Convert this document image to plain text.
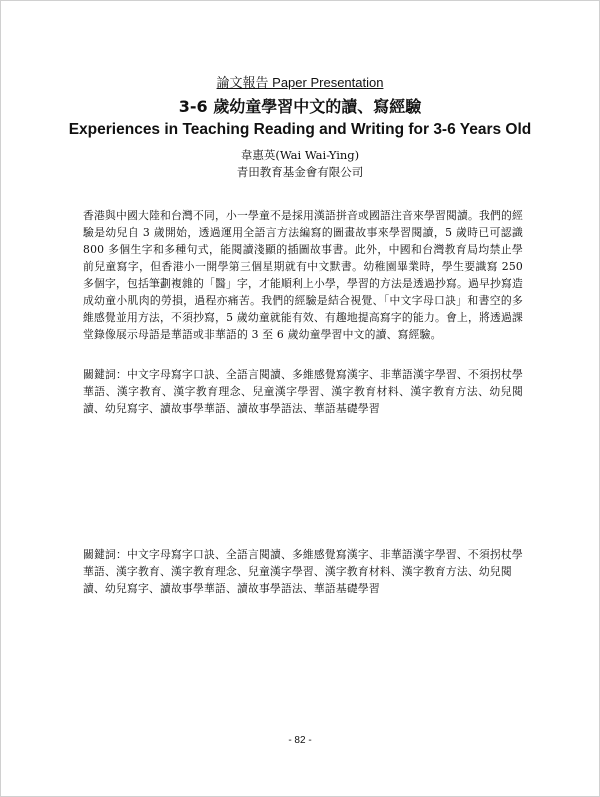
論文報告 Paper Presentation
3-6 歲幼童學習中文的讀、寫經驗
Experiences in Teaching Reading and Writing for 3-6 Years Old
韋惠英(Wai Wai-Ying)
青田教育基金會有限公司

香港與中國大陸和台灣不同，小一學童不是採用漢語拼音或國語注音來學習閱讀。我們的經驗是幼兒自 3 歲開始，透過運用全語言方法編寫的圖畫故事來學習閱讀，5 歲時已可認識 800 多個生字和多種句式，能閱讀淺顯的插圖故事書。此外，中國和台灣教育局均禁止學前兒童寫字，但香港小一開學第三個星期就有中文默書。幼稚園畢業時，學生要識寫 250 多個字，包括筆劃複雜的「醫」字，才能順利上小學，學習的方法是透過抄寫。過早抄寫造成幼童小肌肉的勞損，過程亦痛苦。我們的經驗是結合視覺、「中文字母口訣」和書空的多維感覺並用方法，不須抄寫，5 歲幼童就能有效、有趣地提高寫字的能力。會上，將透過課堂錄像展示母語是華語或非華語的 3 至 6 歲幼童學習中文的讀、寫經驗。

關鍵詞：中文字母寫字口訣、全語言閱讀、多維感覺寫漢字、非華語漢字學習、不須拐杖學華語、漢字教育、漢字教育理念、兒童漢字學習、漢字教育材料、漢字教育方法、幼兒閱讀、幼兒寫字、讀故事學華語、讀故事學語法、華語基礎學習

關鍵詞：中文字母寫字口訣、全語言閱讀、多維感覺寫漢字、非華語漢字學習、不須拐杖學華語、漢字教育、漢字教育理念、兒童漢字學習、漢字教育材料、漢字教育方法、幼兒閱讀、幼兒寫字、讀故事學華語、讀故事學語法、華語基礎學習
- 82 -
